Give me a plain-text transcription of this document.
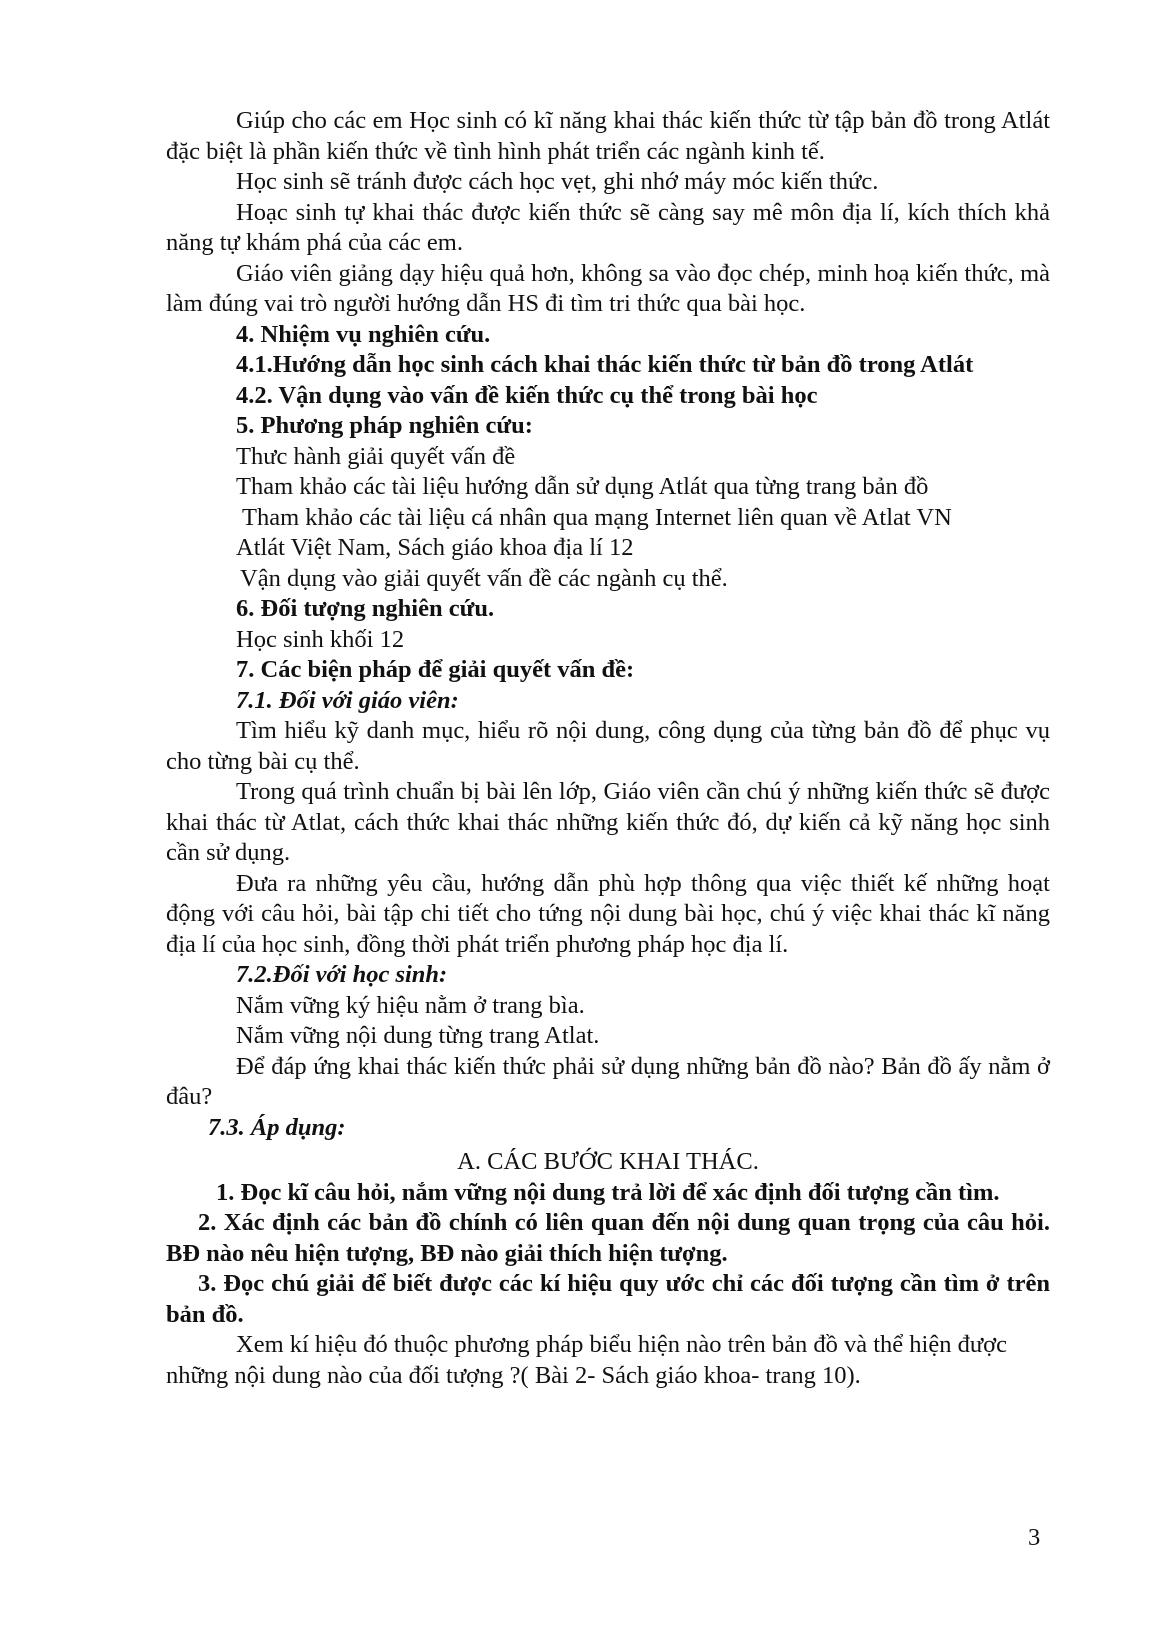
Giúp cho các em Học sinh có kĩ năng khai thác kiến thức từ tập bản đồ trong Atlát đặc biệt là phần kiến thức về tình hình phát triển các ngành kinh tế.

Học sinh sẽ tránh được cách học vẹt, ghi nhớ máy móc kiến thức.

Hoạc sinh tự khai thác được kiến thức sẽ càng say mê môn địa lí, kích thích khả năng tự khám phá của các em.

Giáo viên giảng dạy hiệu quả hơn, không sa vào đọc chép, minh hoạ kiến thức, mà làm đúng vai trò người hướng dẫn HS đi tìm tri thức qua bài học.

4. Nhiệm vụ nghiên cứu.

4.1.Hướng dẫn học sinh cách khai thác kiến thức từ bản đồ trong Atlát

4.2. Vận dụng vào vấn đề kiến thức cụ thể trong bài học

5. Phương pháp nghiên cứu:

Thưc hành giải quyết vấn đề

Tham khảo các tài liệu hướng dẫn sử dụng Atlát qua từng trang bản đồ

Tham khảo các tài liệu cá nhân qua mạng Internet liên quan về Atlat VN

Atlát Việt Nam, Sách giáo khoa địa lí 12

Vận dụng vào giải quyết vấn đề các ngành cụ thể.

6. Đối tượng nghiên cứu.

Học sinh khối 12

7. Các biện pháp để giải quyết vấn đề:

7.1. Đối với giáo viên:

Tìm hiểu kỹ danh mục, hiểu rõ nội dung, công dụng của từng bản đồ để phục vụ cho từng bài cụ thể.

Trong quá trình chuẩn bị bài lên lớp, Giáo viên cần chú ý những kiến thức sẽ được khai thác từ Atlat, cách thức khai thác những kiến thức đó, dự kiến cả kỹ năng học sinh cần sử dụng.

Đưa ra những yêu cầu, hướng dẫn phù hợp thông qua việc thiết kế những hoạt động với câu hỏi, bài tập chi tiết cho tứng nội dung bài học, chú ý việc khai thác kĩ năng địa lí của học sinh, đồng thời phát triển phương pháp học địa lí.

7.2.Đối với học sinh:

Nắm vững ký hiệu nằm ở trang bìa.

Nắm vững nội dung từng trang Atlat.

Để đáp ứng khai thác kiến thức phải sử dụng những bản đồ nào? Bản đồ ấy nằm ở đâu?

7.3. Áp dụng:

A. CÁC BƯỚC KHAI THÁC.

1. Đọc kĩ câu hỏi, nắm vững nội dung trả lời để xác định đối tượng cần tìm.

2. Xác định các bản đồ chính có liên quan đến nội dung quan trọng của câu hỏi. BĐ nào nêu hiện tượng, BĐ nào giải thích hiện tượng.

3. Đọc chú giải để biết được các kí hiệu quy ước chỉ các đối tượng cần tìm ở trên bản đồ.

Xem kí hiệu đó thuộc phương pháp biểu hiện nào trên bản đồ và thể hiện được

những nội dung nào của đối tượng ?( Bài 2- Sách giáo khoa- trang 10).

3
